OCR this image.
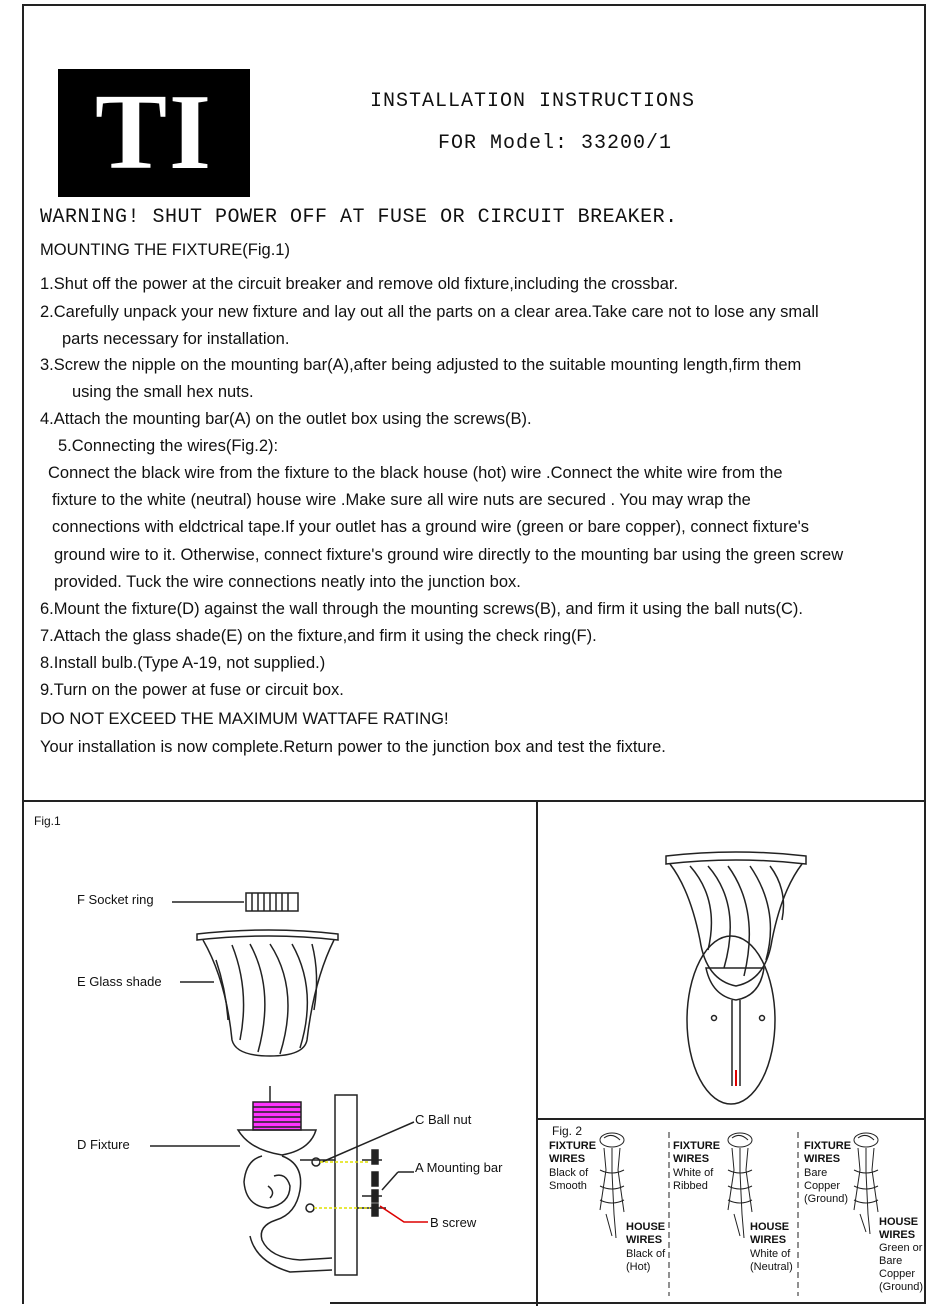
TI	INSTALLATION INSTRUCTIONS
FOR Model: 33200/1
WARNING! SHUT POWER OFF AT FUSE OR CIRCUIT BREAKER.
MOUNTING THE FIXTURE(Fig.1)
1.Shut off the power at the circuit breaker and remove old fixture,including the crossbar.
2.Carefully unpack your new fixture and lay out all the parts on a clear area.Take care not to lose any small
parts necessary for installation.
3.Screw the nipple on the mounting bar(A),after being adjusted to the suitable mounting length,firm them
using the small hex nuts.
4.Attach the mounting bar(A) on the outlet box using the screws(B).
5.Connecting the wires(Fig.2):
Connect the black wire from the fixture to the black house (hot) wire .Connect the white wire from the
fixture to the white (neutral) house wire .Make sure all wire nuts are secured . You may wrap the
connections with eldctrical tape.If your outlet has a ground wire (green or bare copper), connect fixture's
ground wire to it. Otherwise, connect fixture's ground wire directly to the mounting bar using the green screw
provided. Tuck the wire connections neatly into the junction box.
6.Mount the fixture(D) against the wall through the mounting screws(B), and firm it using the ball nuts(C).
7.Attach the glass shade(E) on the fixture,and firm it using the check ring(F).
8.Install bulb.(Type A-19, not supplied.)
9.Turn on the power at fuse or circuit box.
DO NOT EXCEED THE MAXIMUM WATTAFE RATING!
Your installation is now complete.Return power to the junction box and test the fixture.
Fig.1
F Socket ring
E Glass shade
D Fixture
C Ball nut
A Mounting bar
B screw
Fig. 2
FIXTURE WIRES
Black of Smooth
HOUSE WIRES
Black of (Hot)
FIXTURE WIRES
White of Ribbed
HOUSE WIRES
White of (Neutral)
FIXTURE WIRES
Bare Copper (Ground)
HOUSE WIRES
Green or Bare Copper (Ground)
